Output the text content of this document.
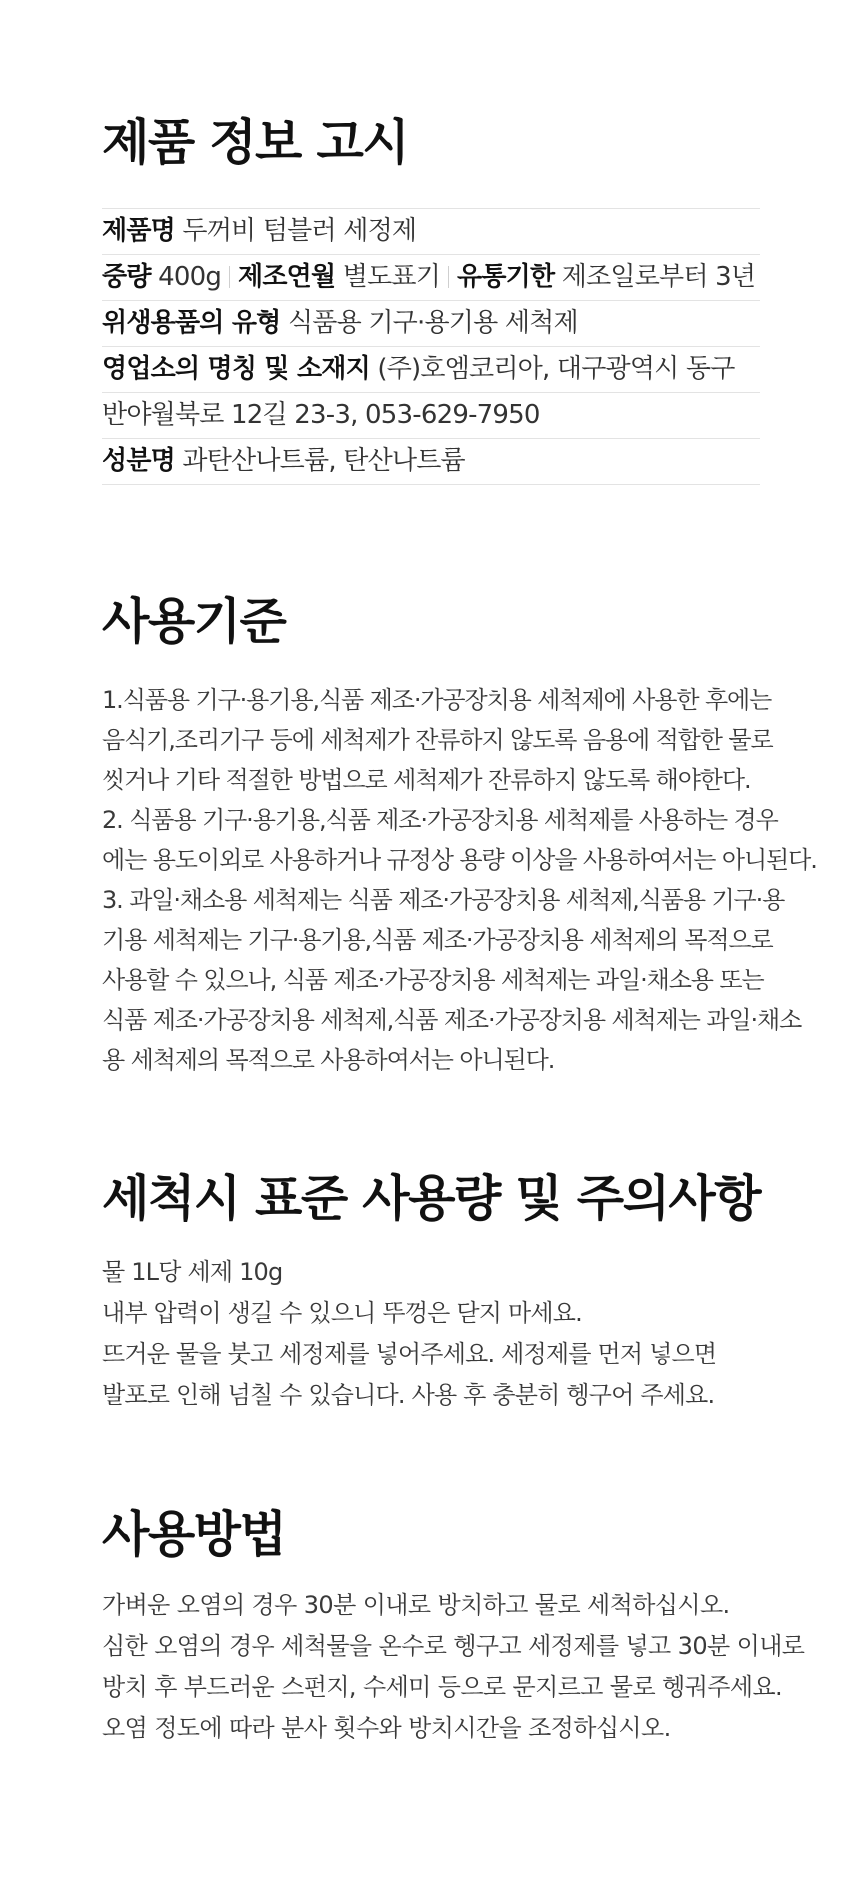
제품 정보 고시
제품명 두꺼비 텀블러 세정제
중량 400g 제조연월 별도표기 유통기한 제조일로부터 3년
위생용품의 유형 식품용 기구·용기용 세척제
영업소의 명칭 및 소재지 (주)호엠코리아, 대구광역시 동구
반야월북로 12길 23-3, 053-629-7950
성분명 과탄산나트륨, 탄산나트륨
사용기준

1.식품용 기구·용기용,식품 제조·가공장치용 세척제에 사용한 후에는

음식기,조리기구 등에 세척제가 잔류하지 않도록 음용에 적합한 물로

씻거나 기타 적절한 방법으로 세척제가 잔류하지 않도록 해야한다.

2. 식품용 기구·용기용,식품 제조·가공장치용 세척제를 사용하는 경우

에는 용도이외로 사용하거나 규정상 용량 이상을 사용하여서는 아니된다.

3. 과일·채소용 세척제는 식품 제조·가공장치용 세척제,식품용 기구·용

기용 세척제는 기구·용기용,식품 제조·가공장치용 세척제의 목적으로

사용할 수 있으나, 식품 제조·가공장치용 세척제는 과일·채소용 또는

식품 제조·가공장치용 세척제,식품 제조·가공장치용 세척제는 과일·채소

용 세척제의 목적으로 사용하여서는 아니된다.

세척시 표준 사용량 및 주의사항

물 1L당 세제 10g

내부 압력이 생길 수 있으니 뚜껑은 닫지 마세요.

뜨거운 물을 붓고 세정제를 넣어주세요. 세정제를 먼저 넣으면

발포로 인해 넘칠 수 있습니다. 사용 후 충분히 헹구어 주세요.

사용방법

가벼운 오염의 경우 30분 이내로 방치하고 물로 세척하십시오.

심한 오염의 경우 세척물을 온수로 헹구고 세정제를 넣고 30분 이내로

방치 후 부드러운 스펀지, 수세미 등으로 문지르고 물로 헹궈주세요.

오염 정도에 따라 분사 횟수와 방치시간을 조정하십시오.
